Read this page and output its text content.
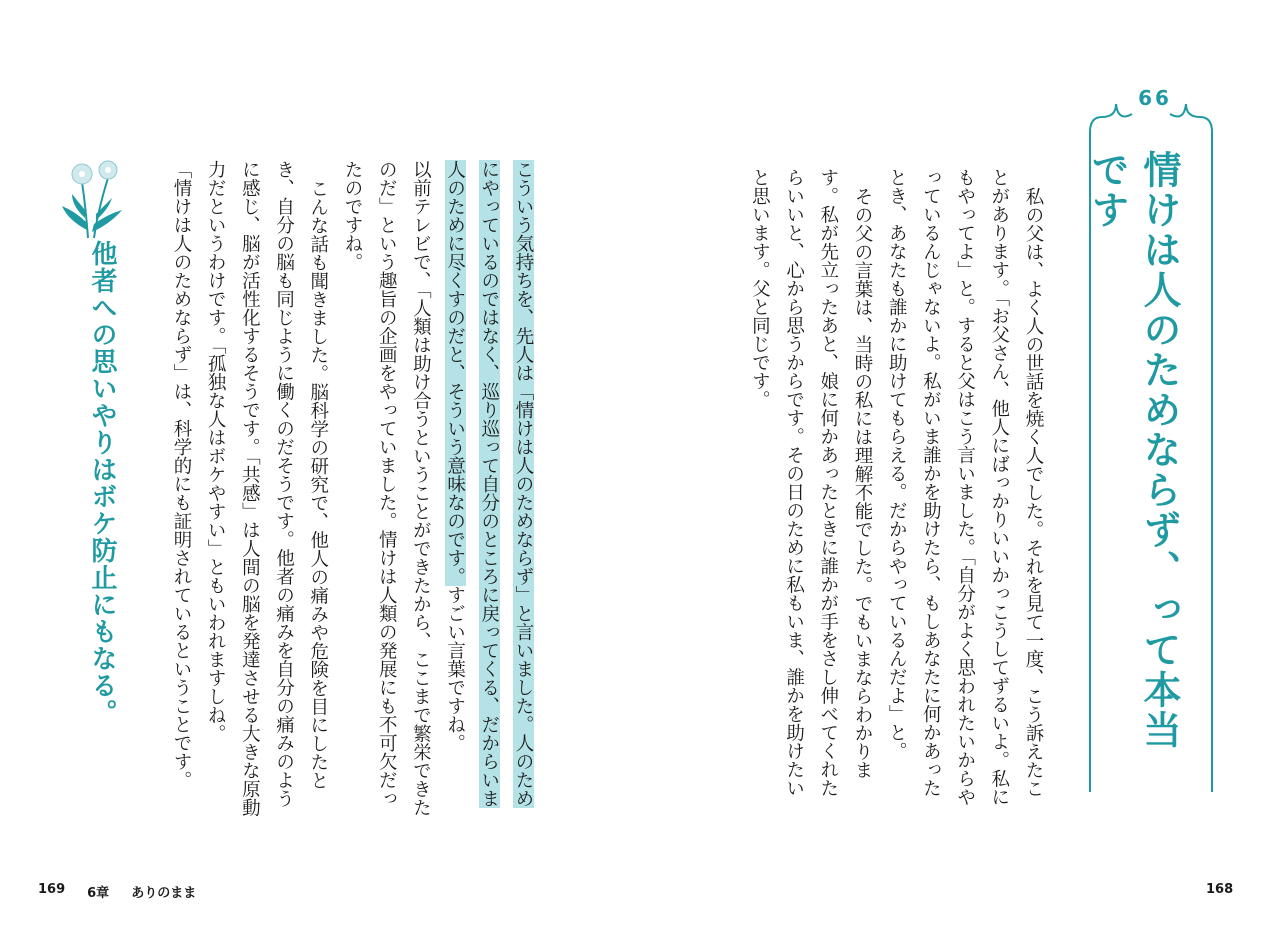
66
情けは人のためならず、って本当です

私の父は、よく人の世話を焼く人でした。それを見て一度、こう訴えたことがあります。「お父さん、他人にばっかりいいかっこうしてずるいよ。私にもやってよ」と。すると父はこう言いました。「自分がよく思われたいからやっているんじゃないよ。私がいま誰かを助けたら、もしあなたに何かあったとき、あなたも誰かに助けてもらえる。だからやっているんだよ」と。

その父の言葉は、当時の私には理解不能でした。でもいまならわかります。私が先立ったあと、娘に何かあったときに誰かが手をさし伸べてくれたらいいと、心から思うからです。その日のために私もいま、誰かを助けたいと思います。父と同じです。

他者への思いやりはボケ防止にもなる。	こういう気持ちを、先人は「情けは人のためならず」と言いました。人のためにやっているのではなく、巡り巡って自分のところに戻ってくる、だからいま人のために尽くすのだと、そういう意味なのです。すごい言葉ですね。

以前テレビで、「人類は助け合うということができたから、ここまで繁栄できたのだ」という趣旨の企画をやっていました。情けは人類の発展にも不可欠だったのですね。

こんな話も聞きました。脳科学の研究で、他人の痛みや危険を目にしたとき、自分の脳も同じように働くのだそうです。他者の痛みを自分の痛みのように感じ、脳が活性化するそうです。「共感」は人間の脳を発達させる大きな原動力だというわけです。「孤独な人はボケやすい」ともいわれますしね。

「情けは人のためならず」は、科学的にも証明されているということです。

169 6章 ありのまま	168
